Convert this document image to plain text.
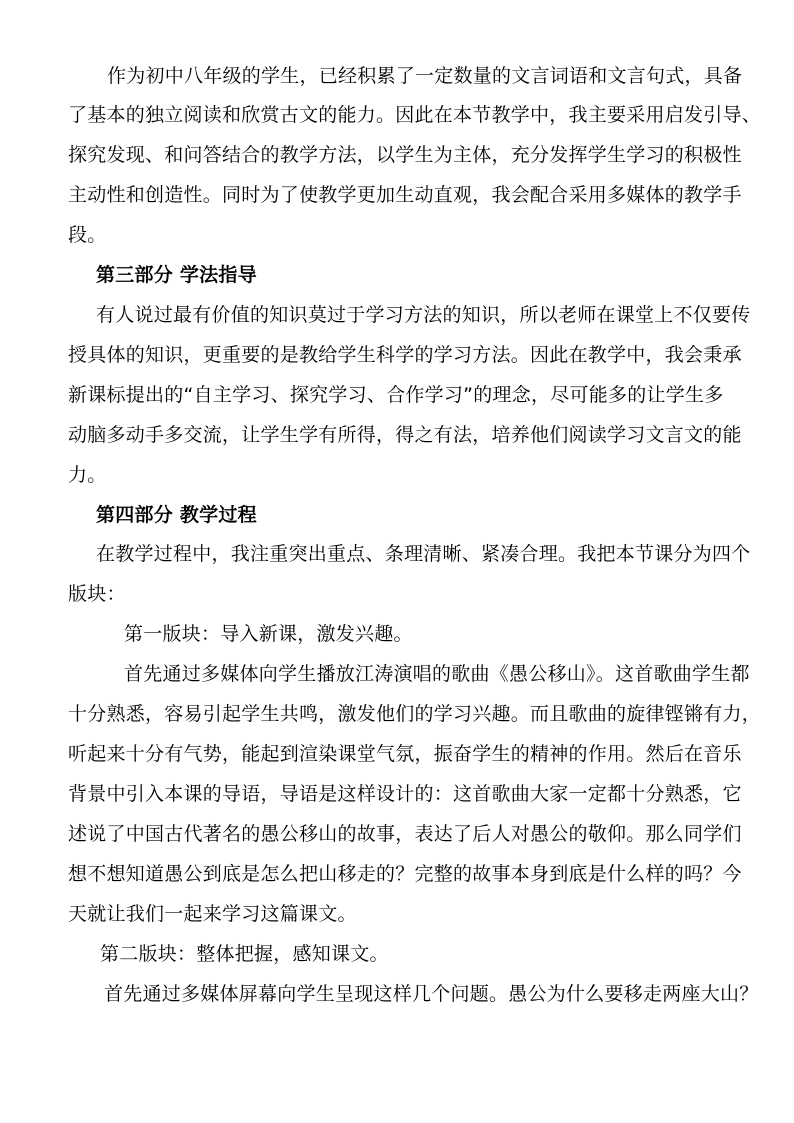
作为初中八年级的学生，已经积累了一定数量的文言词语和文言句式，具备
了基本的独立阅读和欣赏古文的能力。因此在本节教学中，我主要采用启发引导、
探究发现、和问答结合的教学方法，以学生为主体，充分发挥学生学习的积极性
主动性和创造性。同时为了使教学更加生动直观，我会配合采用多媒体的教学手
段。
第三部分 学法指导
有人说过最有价值的知识莫过于学习方法的知识，所以老师在课堂上不仅要传
授具体的知识，更重要的是教给学生科学的学习方法。因此在教学中，我会秉承
新课标提出的“自主学习、探究学习、合作学习”的理念，尽可能多的让学生多
动脑多动手多交流，让学生学有所得，得之有法，培养他们阅读学习文言文的能
力。
第四部分 教学过程
在教学过程中，我注重突出重点、条理清晰、紧凑合理。我把本节课分为四个
版块：
第一版块：导入新课，激发兴趣。
首先通过多媒体向学生播放江涛演唱的歌曲《愚公移山》。这首歌曲学生都
十分熟悉，容易引起学生共鸣，激发他们的学习兴趣。而且歌曲的旋律铿锵有力，
听起来十分有气势，能起到渲染课堂气氛，振奋学生的精神的作用。然后在音乐
背景中引入本课的导语，导语是这样设计的：这首歌曲大家一定都十分熟悉，它
述说了中国古代著名的愚公移山的故事，表达了后人对愚公的敬仰。那么同学们
想不想知道愚公到底是怎么把山移走的？完整的故事本身到底是什么样的吗？今
天就让我们一起来学习这篇课文。
第二版块：整体把握，感知课文。
首先通过多媒体屏幕向学生呈现这样几个问题。愚公为什么要移走两座大山？
